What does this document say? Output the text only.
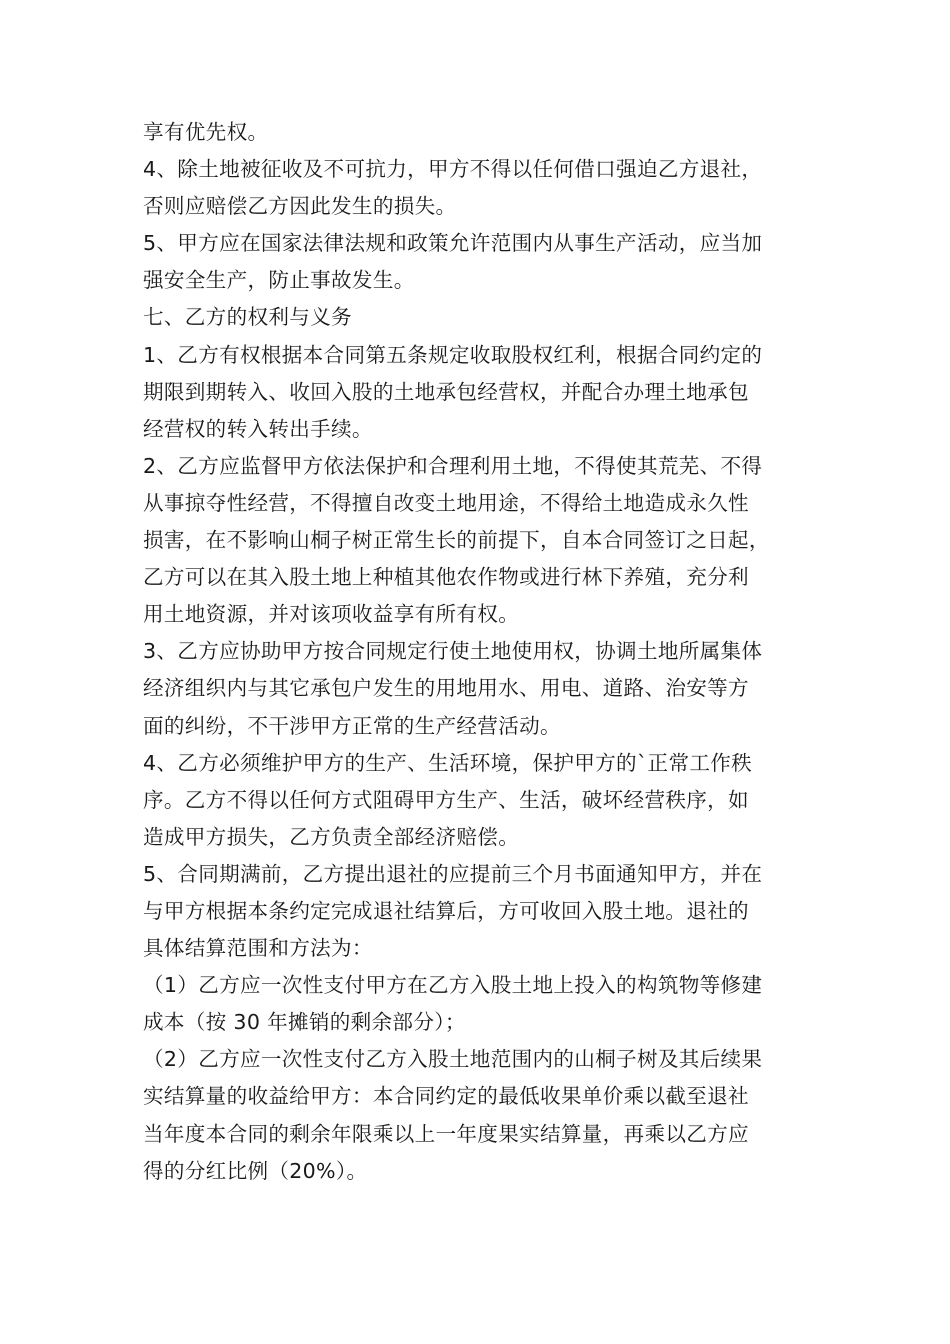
享有优先权。
4、除土地被征收及不可抗力，甲方不得以任何借口强迫乙方退社，
否则应赔偿乙方因此发生的损失。
5、甲方应在国家法律法规和政策允许范围内从事生产活动，应当加
强安全生产，防止事故发生。
七、乙方的权利与义务
1、乙方有权根据本合同第五条规定收取股权红利，根据合同约定的
期限到期转入、收回入股的土地承包经营权，并配合办理土地承包
经营权的转入转出手续。
2、乙方应监督甲方依法保护和合理利用土地，不得使其荒芜、不得
从事掠夺性经营，不得擅自改变土地用途，不得给土地造成永久性
损害，在不影响山桐子树正常生长的前提下，自本合同签订之日起，
乙方可以在其入股土地上种植其他农作物或进行林下养殖，充分利
用土地资源，并对该项收益享有所有权。
3、乙方应协助甲方按合同规定行使土地使用权，协调土地所属集体
经济组织内与其它承包户发生的用地用水、用电、道路、治安等方
面的纠纷，不干涉甲方正常的生产经营活动。
4、乙方必须维护甲方的生产、生活环境，保护甲方的`正常工作秩
序。乙方不得以任何方式阻碍甲方生产、生活，破坏经营秩序，如
造成甲方损失，乙方负责全部经济赔偿。
5、合同期满前，乙方提出退社的应提前三个月书面通知甲方，并在
与甲方根据本条约定完成退社结算后，方可收回入股土地。退社的
具体结算范围和方法为：
（1）乙方应一次性支付甲方在乙方入股土地上投入的构筑物等修建
成本（按 30 年摊销的剩余部分）；
（2）乙方应一次性支付乙方入股土地范围内的山桐子树及其后续果
实结算量的收益给甲方：本合同约定的最低收果单价乘以截至退社
当年度本合同的剩余年限乘以上一年度果实结算量，再乘以乙方应
得的分红比例（20%）。
